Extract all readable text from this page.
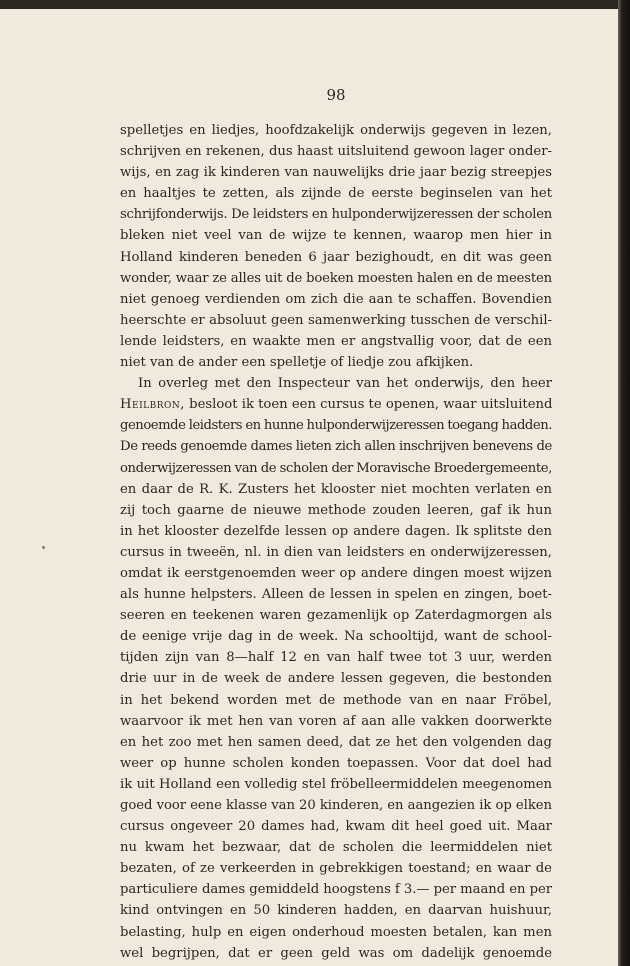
98
spelletjes en liedjes, hoofdzakelijk onderwijs gegeven in lezen,
schrijven en rekenen, dus haast uitsluitend gewoon lager onder-
wijs, en zag ik kinderen van nauwelijks drie jaar bezig streepjes
en haaltjes te zetten, als zijnde de eerste beginselen van het
schrijfonderwijs. De leidsters en hulponderwijzeressen der scholen
bleken niet veel van de wijze te kennen, waarop men hier in
Holland kinderen beneden 6 jaar bezighoudt, en dit was geen
wonder, waar ze alles uit de boeken moesten halen en de meesten
niet genoeg verdienden om zich die aan te schaffen. Bovendien
heerschte er absoluut geen samenwerking tusschen de verschil-
lende leidsters, en waakte men er angstvallig voor, dat de een
niet van de ander een spelletje of liedje zou afkijken.
In overleg met den Inspecteur van het onderwijs, den heer
Heilbron, besloot ik toen een cursus te openen, waar uitsluitend
genoemde leidsters en hunne hulponderwijzeressen toegang hadden.
De reeds genoemde dames lieten zich allen inschrijven benevens de
onderwijzeressen van de scholen der Moravische Broedergemeente,
en daar de R. K. Zusters het klooster niet mochten verlaten en
zij toch gaarne de nieuwe methode zouden leeren, gaf ik hun
in het klooster dezelfde lessen op andere dagen. Ik splitste den
cursus in tweeën, nl. in dien van leidsters en onderwijzeressen,
omdat ik eerstgenoemden weer op andere dingen moest wijzen
als hunne helpsters. Alleen de lessen in spelen en zingen, boet-
seeren en teekenen waren gezamenlijk op Zaterdagmorgen als
de eenige vrije dag in de week. Na schooltijd, want de school-
tijden zijn van 8—half 12 en van half twee tot 3 uur, werden
drie uur in de week de andere lessen gegeven, die bestonden
in het bekend worden met de methode van en naar Fröbel,
waarvoor ik met hen van voren af aan alle vakken doorwerkte
en het zoo met hen samen deed, dat ze het den volgenden dag
weer op hunne scholen konden toepassen. Voor dat doel had
ik uit Holland een volledig stel fröbelleermiddelen meegenomen
goed voor eene klasse van 20 kinderen, en aangezien ik op elken
cursus ongeveer 20 dames had, kwam dit heel goed uit. Maar
nu kwam het bezwaar, dat de scholen die leermiddelen niet
bezaten, of ze verkeerden in gebrekkigen toestand; en waar de
particuliere dames gemiddeld hoogstens f 3.— per maand en per
kind ontvingen en 50 kinderen hadden, en daarvan huishuur,
belasting, hulp en eigen onderhoud moesten betalen, kan men
wel begrijpen, dat er geen geld was om dadelijk genoemde
